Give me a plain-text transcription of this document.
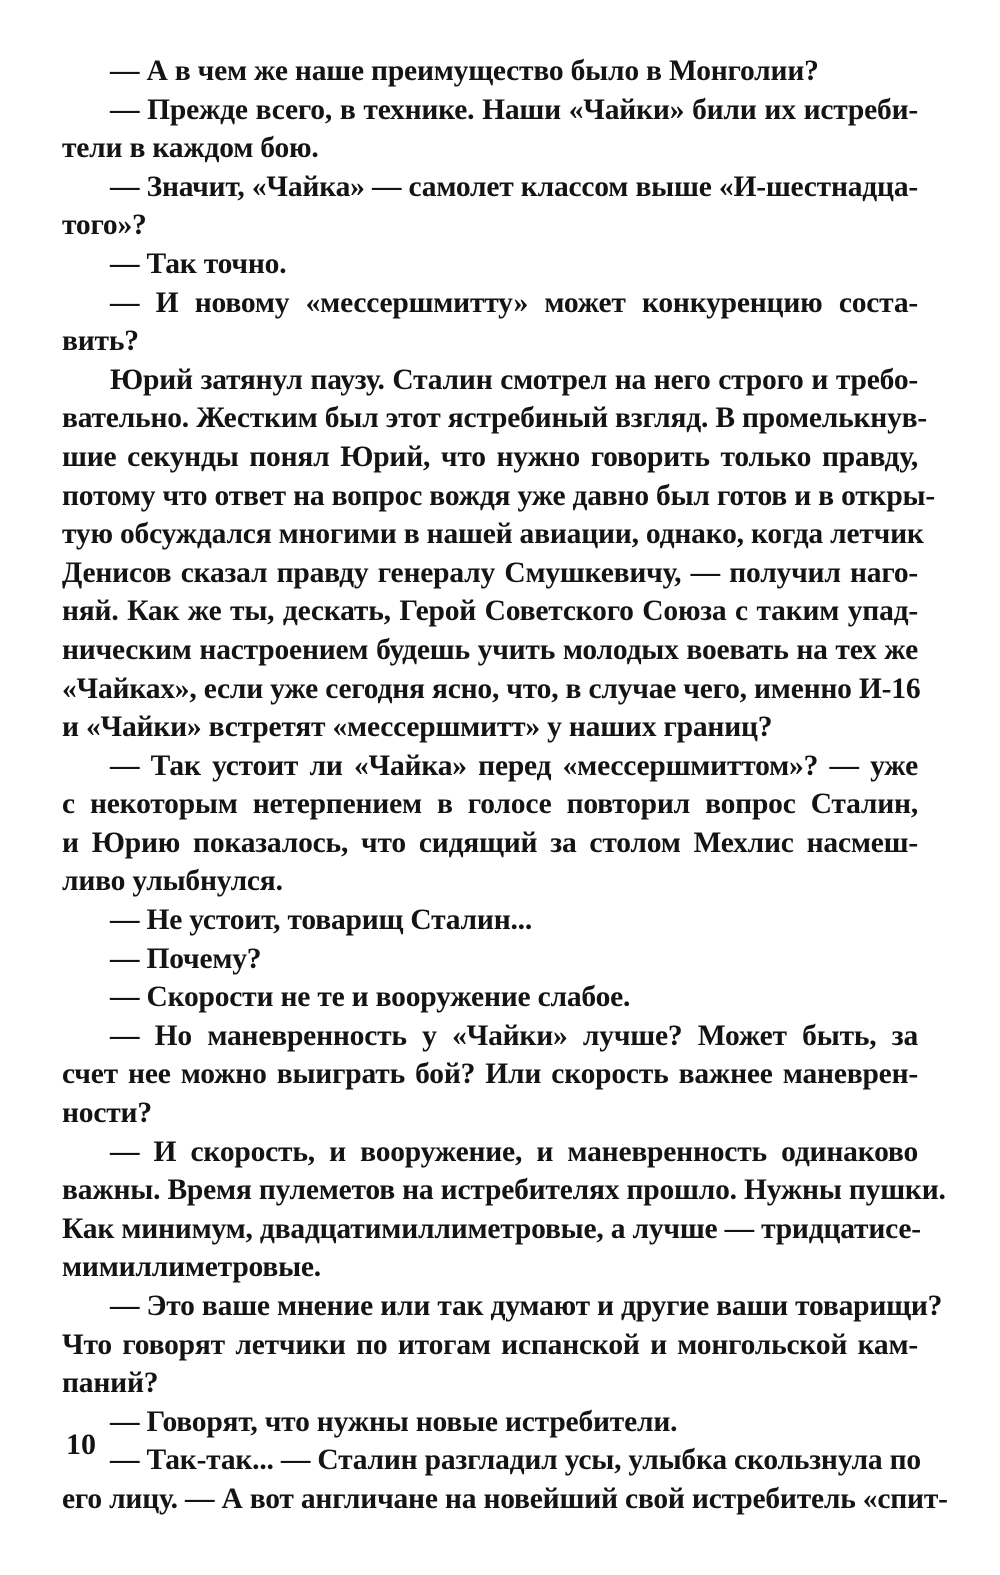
— А в чем же наше преимущество было в Монголии?
— Прежде всего, в технике. Наши «Чайки» били их истреби-
тели в каждом бою.
— Значит, «Чайка» — самолет классом выше «И-шестнадца-
того»?
— Так точно.
— И новому «мессершмитту» может конкуренцию соста-
вить?
Юрий затянул паузу. Сталин смотрел на него строго и требо-
вательно. Жестким был этот ястребиный взгляд. В промелькнув-
шие секунды понял Юрий, что нужно говорить только правду,
потому что ответ на вопрос вождя уже давно был готов и в откры-
тую обсуждался многими в нашей авиации, однако, когда летчик
Денисов сказал правду генералу Смушкевичу, — получил наго-
няй. Как же ты, дескать, Герой Советского Союза с таким упад-
ническим настроением будешь учить молодых воевать на тех же
«Чайках», если уже сегодня ясно, что, в случае чего, именно И-16
и «Чайки» встретят «мессершмитт» у наших границ?
— Так устоит ли «Чайка» перед «мессершмиттом»? — уже
с некоторым нетерпением в голосе повторил вопрос Сталин,
и Юрию показалось, что сидящий за столом Мехлис насмеш-
ливо улыбнулся.
— Не устоит, товарищ Сталин...
— Почему?
— Скорости не те и вооружение слабое.
— Но маневренность у «Чайки» лучше? Может быть, за
счет нее можно выиграть бой? Или скорость важнее маневрен-
ности?
— И скорость, и вооружение, и маневренность одинаково
важны. Время пулеметов на истребителях прошло. Нужны пушки.
Как минимум, двадцатимиллиметровые, а лучше — тридцатисе-
мимиллиметровые.
— Это ваше мнение или так думают и другие ваши товарищи?
Что говорят летчики по итогам испанской и монгольской кам-
паний?
— Говорят, что нужны новые истребители.
— Так-так... — Сталин разгладил усы, улыбка скользнула по
его лицу. — А вот англичане на новейший свой истребитель «спит-
10
